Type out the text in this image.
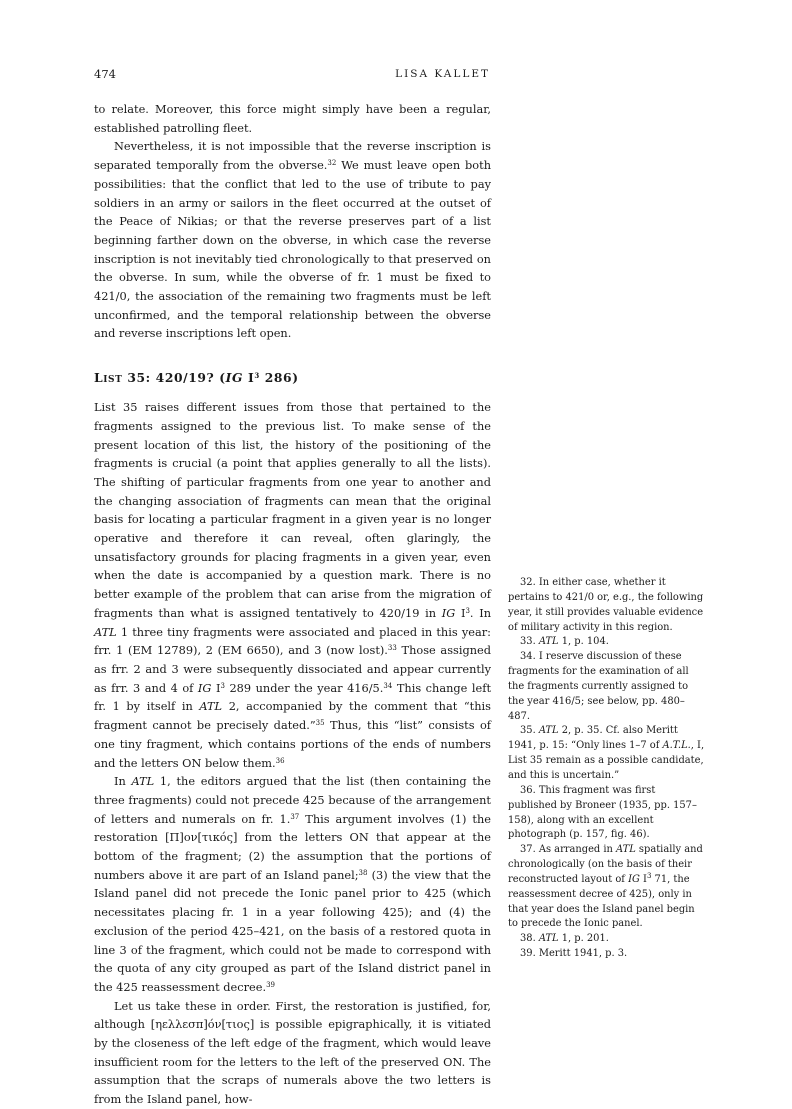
474	LISA KALLET

to relate. Moreover, this force might simply have been a regular, established patrolling fleet.

Nevertheless, it is not impossible that the reverse inscription is separated temporally from the obverse.$^{32}$ We must leave open both possibilities: that the conflict that led to the use of tribute to pay soldiers in an army or sailors in the fleet occurred at the outset of the Peace of Nikias; or that the reverse preserves part of a list beginning farther down on the obverse, in which case the reverse inscription is not inevitably tied chronologically to that preserved on the obverse. In sum, while the obverse of fr. 1 must be fixed to 421/0, the association of the remaining two fragments must be left unconfirmed, and the temporal relationship between the obverse and reverse inscriptions left open.

List 35: 420/19? (IG $I^3$ 286)

List 35 raises different issues from those that pertained to the fragments assigned to the previous list. To make sense of the present location of this list, the history of the positioning of the fragments is crucial (a point that applies generally to all the lists). The shifting of particular fragments from one year to another and the changing association of fragments can mean that the original basis for locating a particular fragment in a given year is no longer operative and therefore it can reveal, often glaringly, the unsatisfactory grounds for placing fragments in a given year, even when the date is accompanied by a question mark. There is no better example of the problem that can arise from the migration of fragments than what is assigned tentatively to 420/19 in IG $I^3$. In ATL 1 three tiny fragments were associated and placed in this year: frr. 1 (EM 12789), 2 (EM 6650), and 3 (now lost).$^{33}$ Those assigned as frr. 2 and 3 were subsequently dissociated and appear currently as frr. 3 and 4 of IG $I^3$ 289 under the year 416/5.34 This change left fr. 1 by itself in ATL 2, accompanied by the comment that “this fragment cannot be precisely dated.”$^{35}$ Thus, this “list” consists of one tiny fragment, which contains portions of the ends of numbers and the letters ON below them.$^{36}$

In ATL 1, the editors argued that the list (then containing the three fragments) could not precede 425 because of the arrangement of letters and numerals on fr. 1.37 This argument involves (1) the restoration [Π]ον[τικός] from the letters ON that appear at the bottom of the fragment; (2) the assumption that the portions of numbers above it are part of an Island panel;$^{38}$ (3) the view that the Island panel did not precede the Ionic panel prior to 425 (which necessitates placing fr. 1 in a year following 425); and (4) the exclusion of the period 425–421, on the basis of a restored quota in line 3 of the fragment, which could not be made to correspond with the quota of any city grouped as part of the Island district panel in the 425 reassessment decree.$^{39}$

Let us take these in order. First, the restoration is justified, for, although [ηελλεσπ]όν[τιος] is possible epigraphically, it is vitiated by the closeness of the left edge of the fragment, which would leave insufficient room for the letters to the left of the preserved ON. The assumption that the scraps of numerals above the two letters is from the Island panel, how-

32. In either case, whether it pertains to 421/0 or, e.g., the following year, it still provides valuable evidence of military activity in this region.

33. ATL 1, p. 104.

34. I reserve discussion of these fragments for the examination of all the fragments currently assigned to the year 416/5; see below, pp. 480–487.

35. ATL 2, p. 35. Cf. also Meritt 1941, p. 15: “Only lines 1–7 of A.T.L., I, List 35 remain as a possible candidate, and this is uncertain.”

36. This fragment was first published by Broneer (1935, pp. 157–158), along with an excellent photograph (p. 157, fig. 46).

37. As arranged in ATL spatially and chronologically (on the basis of their reconstructed layout of IG $I^3$ 71, the reassessment decree of 425), only in that year does the Island panel begin to precede the Ionic panel.

38. ATL 1, p. 201.

39. Meritt 1941, p. 3.
